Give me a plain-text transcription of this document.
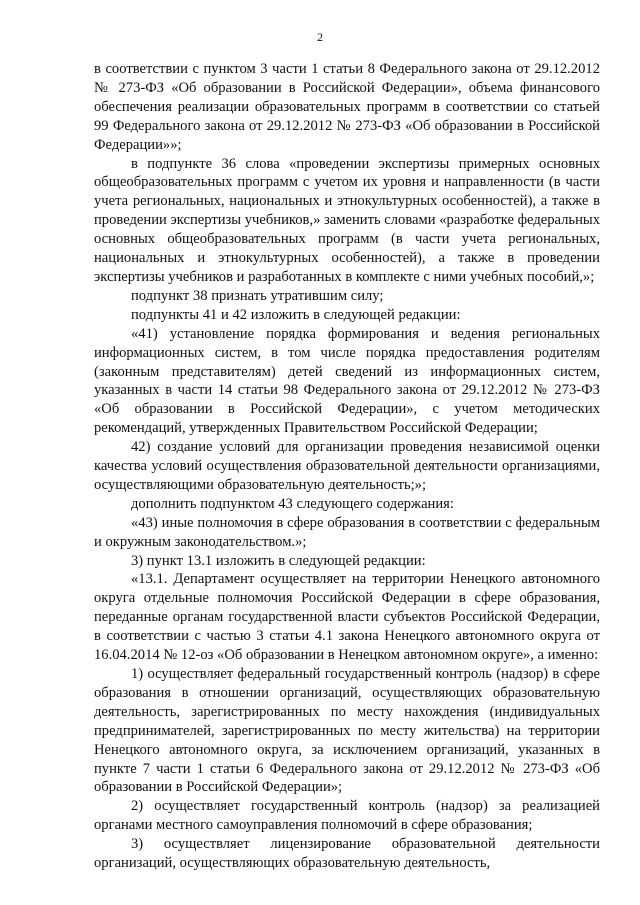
2

в соответствии с пунктом 3 части 1 статьи 8 Федерального закона от 29.12.2012 № 273-ФЗ «Об образовании в Российской Федерации», объема финансового обеспечения реализации образовательных программ в соответствии со статьей 99 Федерального закона от 29.12.2012 № 273-ФЗ «Об образовании в Российской Федерации»»;

в подпункте 36 слова «проведении экспертизы примерных основных общеобразовательных программ с учетом их уровня и направленности (в части учета региональных, национальных и этнокультурных особенностей), а также в проведении экспертизы учебников,» заменить словами «разработке федеральных основных общеобразовательных программ (в части учета региональных, национальных и этнокультурных особенностей), а также в проведении экспертизы учебников и разработанных в комплекте с ними учебных пособий,»;

подпункт 38 признать утратившим силу;

подпункты 41 и 42 изложить в следующей редакции:

«41) установление порядка формирования и ведения региональных информационных систем, в том числе порядка предоставления родителям (законным представителям) детей сведений из информационных систем, указанных в части 14 статьи 98 Федерального закона от 29.12.2012 № 273-ФЗ «Об образовании в Российской Федерации», с учетом методических рекомендаций, утвержденных Правительством Российской Федерации;

42) создание условий для организации проведения независимой оценки качества условий осуществления образовательной деятельности организациями, осуществляющими образовательную деятельность;»;

дополнить подпунктом 43 следующего содержания:

«43) иные полномочия в сфере образования в соответствии с федеральным и окружным законодательством.»;

3) пункт 13.1 изложить в следующей редакции:

«13.1. Департамент осуществляет на территории Ненецкого автономного округа отдельные полномочия Российской Федерации в сфере образования, переданные органам государственной власти субъектов Российской Федерации, в соответствии с частью 3 статьи 4.1 закона Ненецкого автономного округа от 16.04.2014 № 12-оз «Об образовании в Ненецком автономном округе», а именно:

1) осуществляет федеральный государственный контроль (надзор) в сфере образования в отношении организаций, осуществляющих образовательную деятельность, зарегистрированных по месту нахождения (индивидуальных предпринимателей, зарегистрированных по месту жительства) на территории Ненецкого автономного округа, за исключением организаций, указанных в пункте 7 части 1 статьи 6 Федерального закона от 29.12.2012 № 273-ФЗ «Об образовании в Российской Федерации»;

2) осуществляет государственный контроль (надзор) за реализацией органами местного самоуправления полномочий в сфере образования;

3) осуществляет лицензирование образовательной деятельности организаций, осуществляющих образовательную деятельность,
